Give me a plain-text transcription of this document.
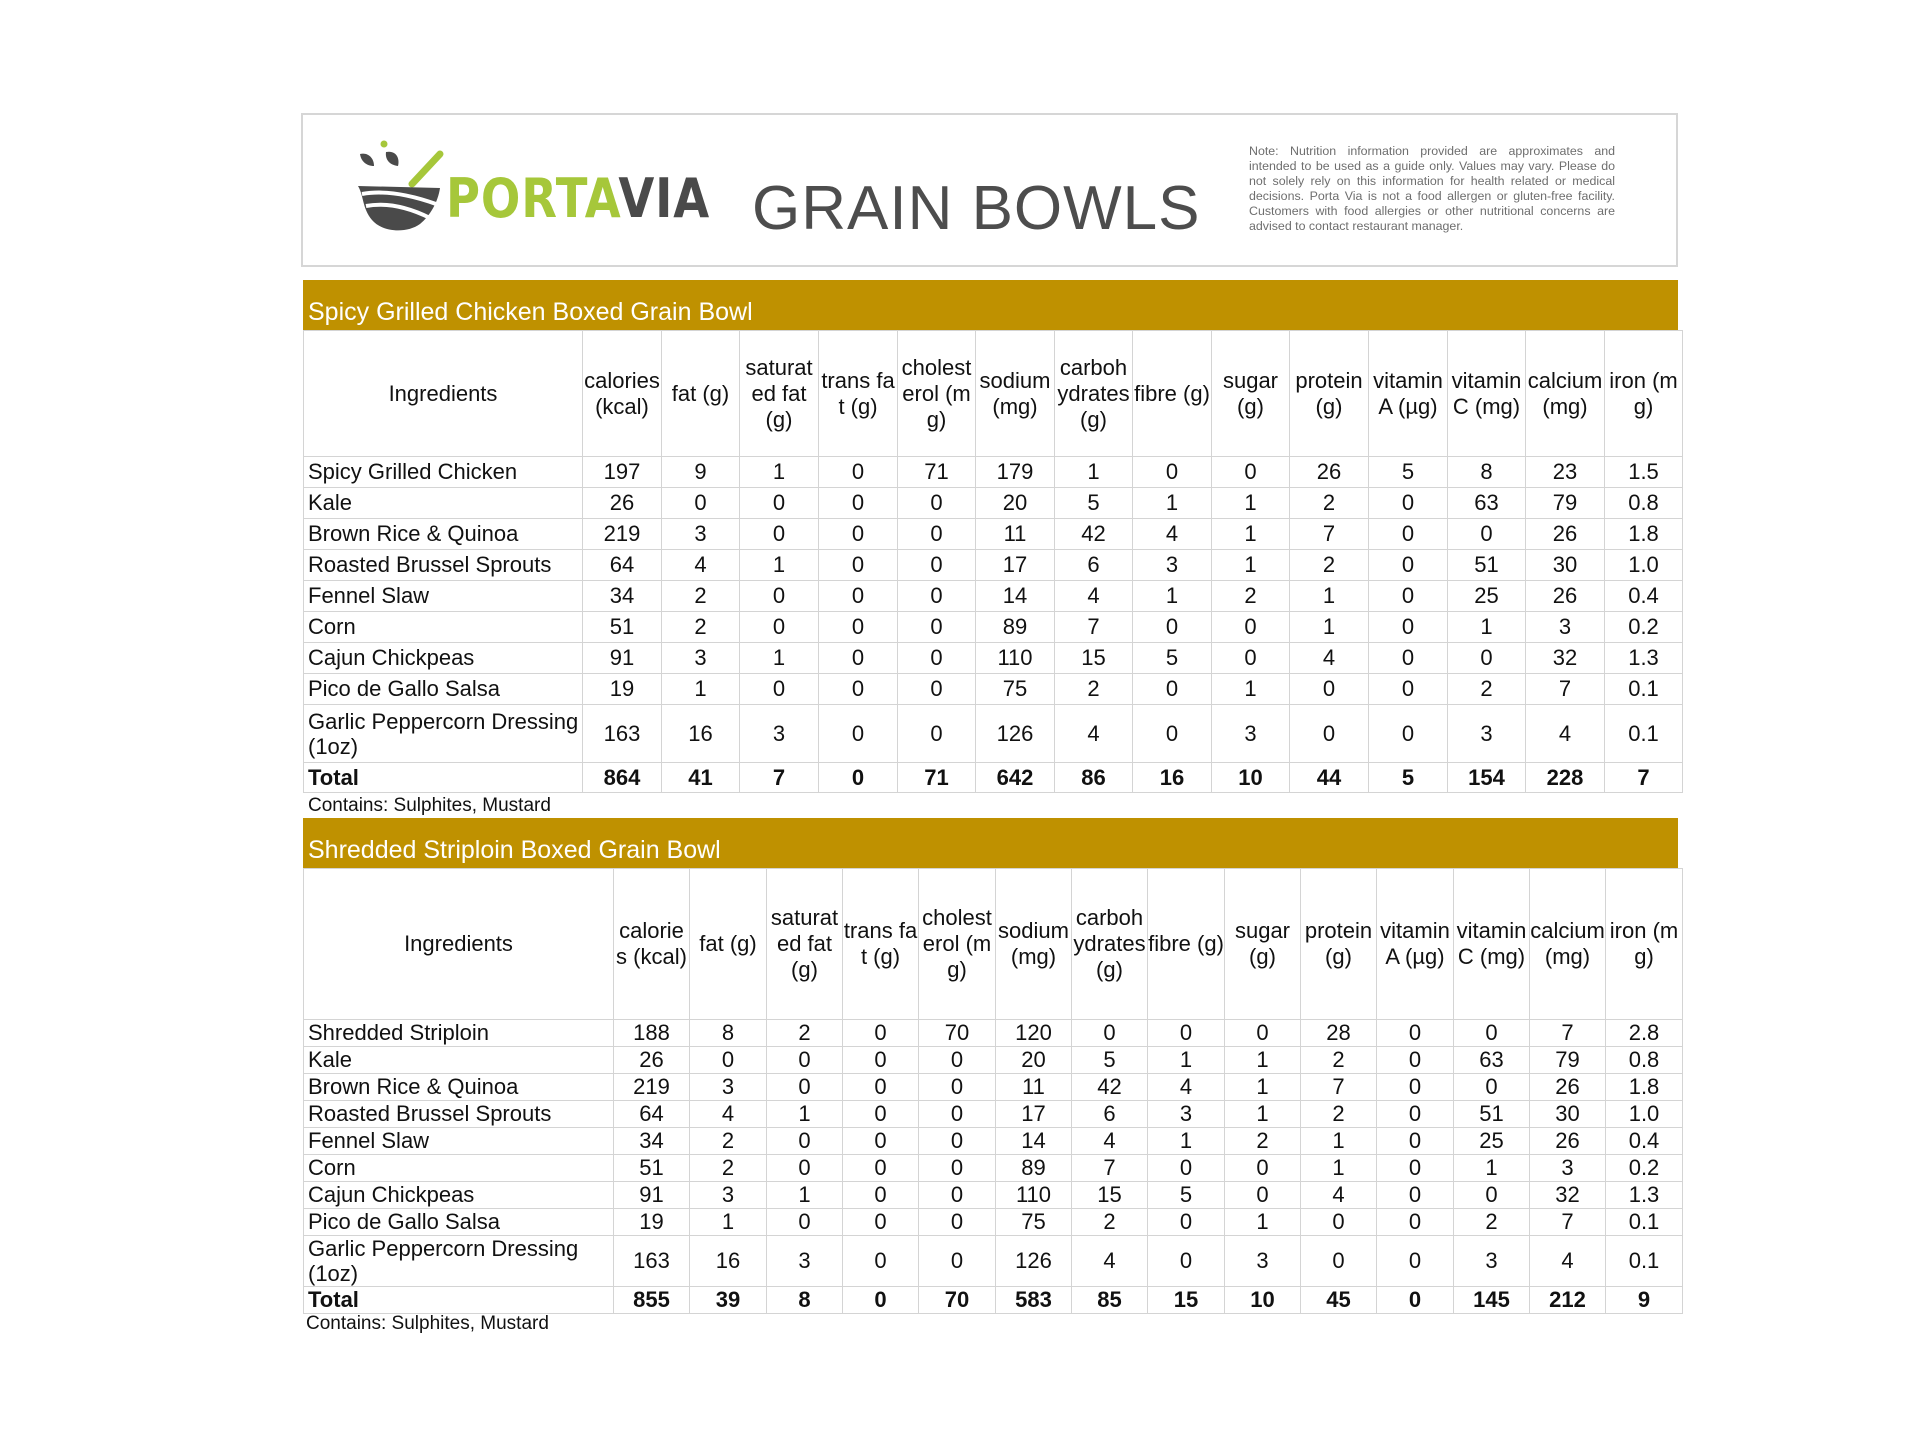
PORTAVIA GRAIN BOWLS
Note: Nutrition information provided are approximates and intended to be used as a guide only. Values may vary. Please do not solely rely on this information for health related or medical decisions. Porta Via is not a food allergen or gluten-free facility. Customers with food allergies or other nutritional concerns are advised to contact restaurant manager.
Spicy Grilled Chicken Boxed Grain Bowl
Ingredients	calories (kcal)	fat (g)	saturated fat (g)	trans fat (g)	cholesterol (mg)	sodium (mg)	carbohydrates (g)	fibre (g)	sugar (g)	protein (g)	vitamin A (µg)	vitamin C (mg)	calcium (mg)	iron (mg)
Spicy Grilled Chicken	197	9	1	0	71	179	1	0	0	26	5	8	23	1.5
Kale	26	0	0	0	0	20	5	1	1	2	0	63	79	0.8
Brown Rice & Quinoa	219	3	0	0	0	11	42	4	1	7	0	0	26	1.8
Roasted Brussel Sprouts	64	4	1	0	0	17	6	3	1	2	0	51	30	1.0
Fennel Slaw	34	2	0	0	0	14	4	1	2	1	0	25	26	0.4
Corn	51	2	0	0	0	89	7	0	0	1	0	1	3	0.2
Cajun Chickpeas	91	3	1	0	0	110	15	5	0	4	0	0	32	1.3
Pico de Gallo Salsa	19	1	0	0	0	75	2	0	1	0	0	2	7	0.1
Garlic Peppercorn Dressing (1oz)	163	16	3	0	0	126	4	0	3	0	0	3	4	0.1
Total	864	41	7	0	71	642	86	16	10	44	5	154	228	7
Contains: Sulphites, Mustard
Shredded Striploin Boxed Grain Bowl
Ingredients	calories (kcal)	fat (g)	saturated fat (g)	trans fat (g)	cholesterol (mg)	sodium (mg)	carbohydrates (g)	fibre (g)	sugar (g)	protein (g)	vitamin A (µg)	vitamin C (mg)	calcium (mg)	iron (mg)
Shredded Striploin	188	8	2	0	70	120	0	0	0	28	0	0	7	2.8
Kale	26	0	0	0	0	20	5	1	1	2	0	63	79	0.8
Brown Rice & Quinoa	219	3	0	0	0	11	42	4	1	7	0	0	26	1.8
Roasted Brussel Sprouts	64	4	1	0	0	17	6	3	1	2	0	51	30	1.0
Fennel Slaw	34	2	0	0	0	14	4	1	2	1	0	25	26	0.4
Corn	51	2	0	0	0	89	7	0	0	1	0	1	3	0.2
Cajun Chickpeas	91	3	1	0	0	110	15	5	0	4	0	0	32	1.3
Pico de Gallo Salsa	19	1	0	0	0	75	2	0	1	0	0	2	7	0.1
Garlic Peppercorn Dressing (1oz)	163	16	3	0	0	126	4	0	3	0	0	3	4	0.1
Total	855	39	8	0	70	583	85	15	10	45	0	145	212	9
Contains: Sulphites, Mustard
